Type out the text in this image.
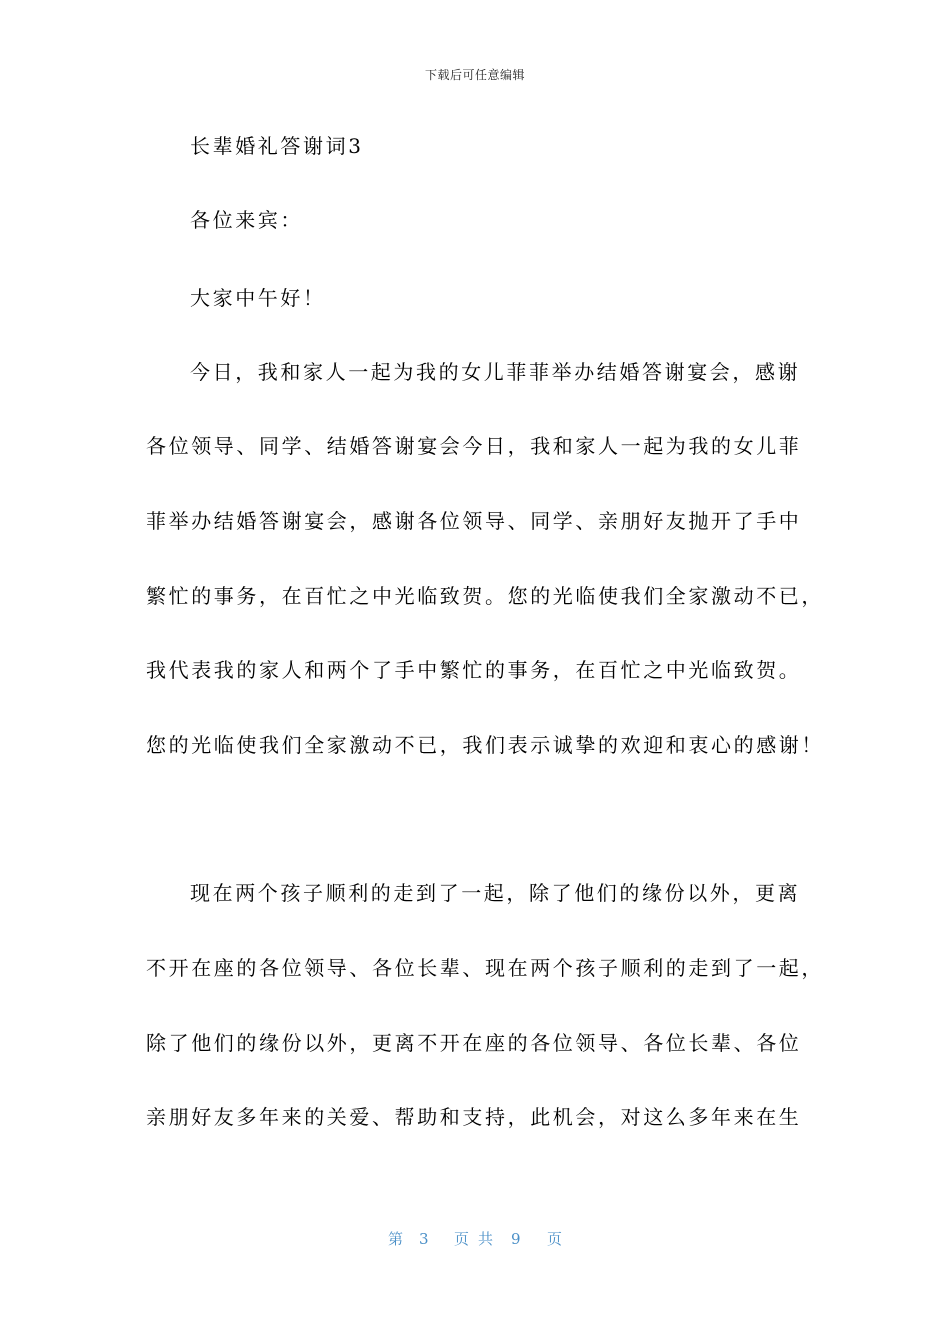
下载后可任意编辑
长辈婚礼答谢词3
各位来宾：
大家中午好！
今日，我和家人一起为我的女儿菲菲举办结婚答谢宴会，感谢
各位领导、同学、结婚答谢宴会今日，我和家人一起为我的女儿菲
菲举办结婚答谢宴会，感谢各位领导、同学、亲朋好友抛开了手中
繁忙的事务，在百忙之中光临致贺。您的光临使我们全家激动不已，
我代表我的家人和两个了手中繁忙的事务，在百忙之中光临致贺。
您的光临使我们全家激动不已，我们表示诚挚的欢迎和衷心的感谢！
现在两个孩子顺利的走到了一起，除了他们的缘份以外，更离
不开在座的各位领导、各位长辈、现在两个孩子顺利的走到了一起，
除了他们的缘份以外，更离不开在座的各位领导、各位长辈、各位
亲朋好友多年来的关爱、帮助和支持，此机会，对这么多年来在生
第 3 页共 9 页
